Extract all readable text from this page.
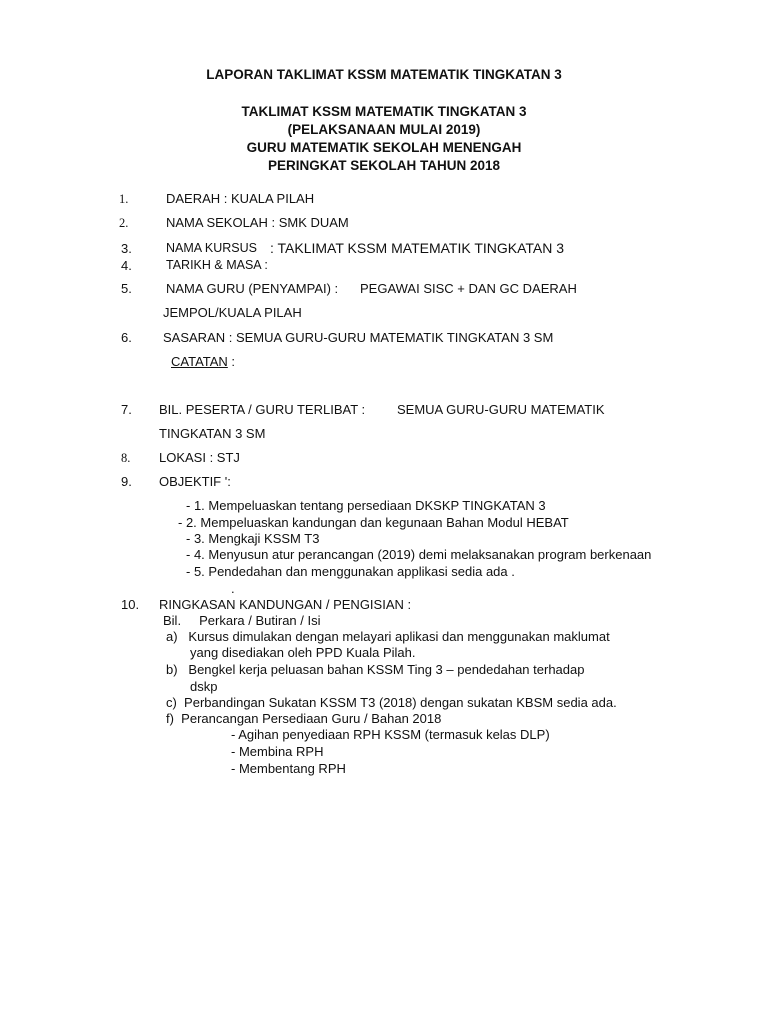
LAPORAN TAKLIMAT KSSM MATEMATIK TINGKATAN 3
TAKLIMAT KSSM MATEMATIK TINGKATAN 3
(PELAKSANAAN MULAI 2019)
GURU MATEMATIK SEKOLAH MENENGAH
PERINGKAT SEKOLAH TAHUN 2018
1.	DAERAH : KUALA PILAH
2.	NAMA SEKOLAH : SMK DUAM
3.	NAMA KURSUS : TAKLIMAT KSSM MATEMATIK TINGKATAN 3
4.	TARIKH & MASA :
5.	NAMA GURU (PENYAMPAI) : PEGAWAI SISC + DAN GC DAERAH
JEMPOL/KUALA PILAH
6. SASARAN : SEMUA GURU-GURU MATEMATIK TINGKATAN 3 SM
CATATAN :
7. BIL. PESERTA / GURU TERLIBAT : SEMUA GURU-GURU MATEMATIK
TINGKATAN 3 SM
8. LOKASI : STJ
9. OBJEKTIF ':
- 1. Mempeluaskan tentang persediaan DKSKP TINGKATAN 3
- 2. Mempeluaskan kandungan dan kegunaan Bahan Modul HEBAT
- 3. Mengkaji KSSM T3
- 4. Menyusun atur perancangan (2019) demi melaksanakan program berkenaan
- 5. Pendedahan dan menggunakan applikasi sedia ada .
.
10. RINGKASAN KANDUNGAN / PENGISIAN :
Bil.     Perkara / Butiran / Isi
a)   Kursus dimulakan dengan melayari aplikasi dan menggunakan maklumat
yang disediakan oleh PPD Kuala Pilah.
b)   Bengkel kerja peluasan bahan KSSM Ting 3 – pendedahan terhadap
dskp
c)  Perbandingan Sukatan KSSM T3 (2018) dengan sukatan KBSM sedia ada.
f)  Perancangan Persediaan Guru / Bahan 2018
- Agihan penyediaan RPH KSSM (termasuk kelas DLP)
- Membina RPH
- Membentang RPH
